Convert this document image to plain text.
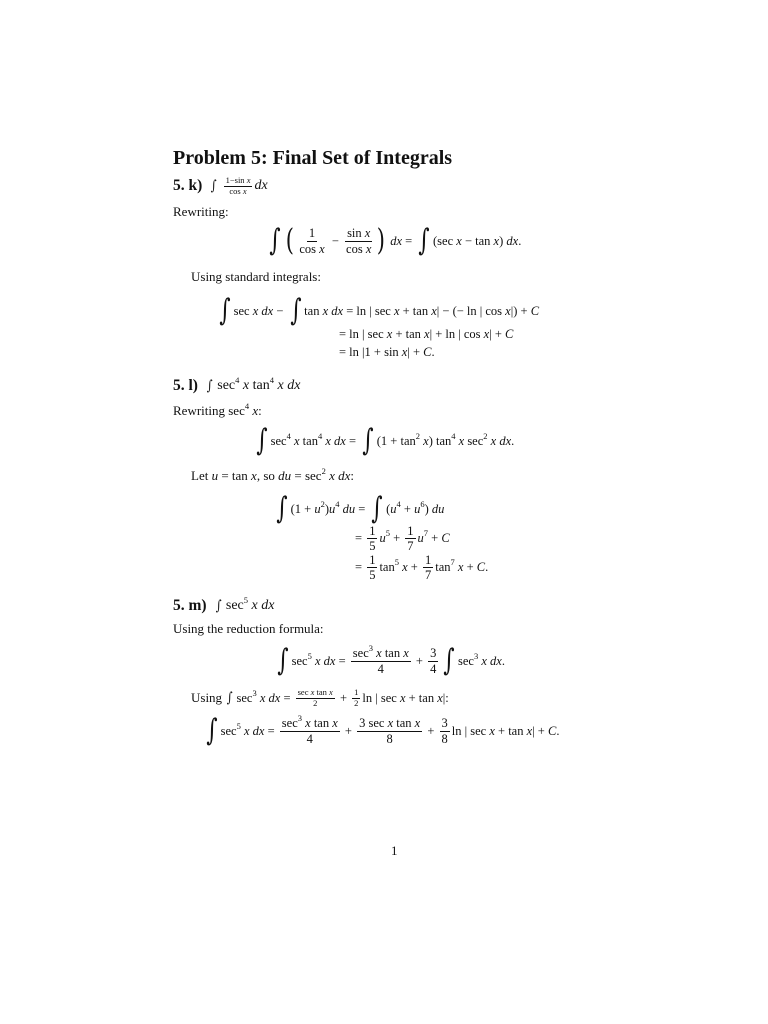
Problem 5: Final Set of Integrals
5. k) ∫ $\frac{\text{1−sin x}}{\text{cos x}}$ dx
Rewriting:
∫ ( $\frac{1}{\text{cos x}} - \frac{\text{sin x}}{\text{cos x}}$ ) dx = ∫ (sec x − tan x) dx.
Using standard integrals:
∫ sec x dx − ∫ tan x dx = ln | sec x + tan x| − (− ln | cos x|) + C
= ln | sec x + tan x| + ln | cos x| + C
= ln |1 + sin x| + C.
5. l) ∫ $\sec^4 x$ $\tan^4 x$ dx
Rewriting $\sec^4 x$:
∫ $\sec^4 x$ $\tan^4 x$ dx = ∫ $(1 + \tan^2 x)$ $\tan^4 x$ $\sec^2 x$ dx.
Let u = tan x, so du = $\sec^2 x$ dx:
∫ $(1 + u^2)u^4$ du = ∫ $(u^4 + u^6)$ du
= $\frac{1}{5} u^5 + \frac{1}{7} u^7 + C$
= $\frac{1}{5} \tan^5 x + \frac{1}{7} \tan^7 x + C$.
5. m) ∫ $\sec^5 x$ dx
Using the reduction formula:
∫ $\sec^5 x$ dx = $\frac{\sec^3 x \tan x}{4} + \frac{3}{4}$ ∫ $\sec^3 x$ dx.
Using ∫ $\sec^3 x$ dx = $\frac{\text{sec x tan x}}{2} + \frac{1}{2}$ ln | sec x + tan x|:
∫ $\sec^5 x$ dx = $\frac{\sec^3 x \tan x}{4} + \frac{\text{3 sec x tan x}}{8} + \frac{3}{8}$ ln | sec x + tan x| + C.
1
